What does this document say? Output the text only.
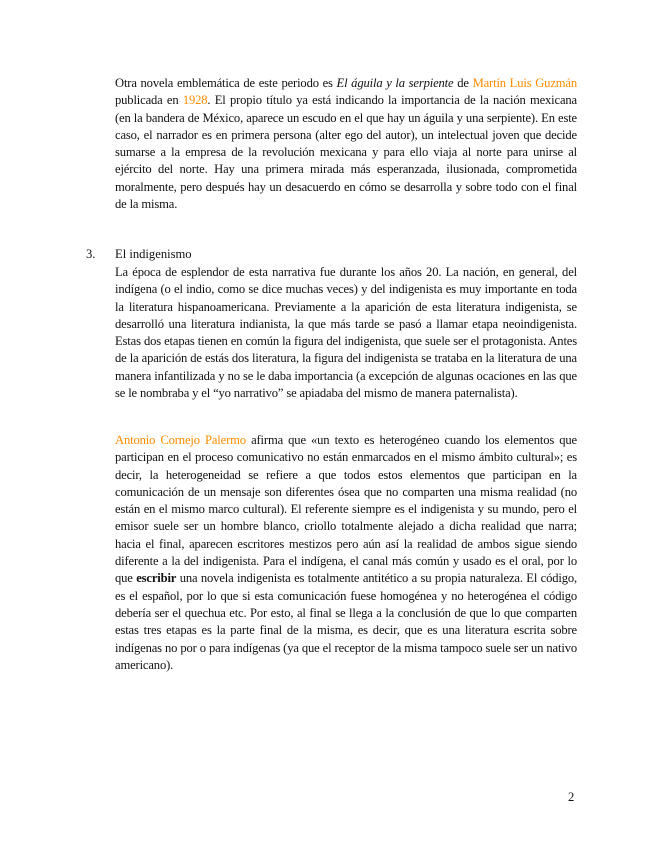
Otra novela emblemática de este periodo es El águila y la serpiente de Martín Luis Guzmán publicada en 1928. El propio título ya está indicando la importancia de la nación mexicana (en la bandera de México, aparece un escudo en el que hay un águila y una serpiente). En este caso, el narrador es en primera persona (alter ego del autor), un intelectual joven que decide sumarse a la empresa de la revolución mexicana y para ello viaja al norte para unirse al ejército del norte. Hay una primera mirada más esperanzada, ilusionada, comprometida moralmente, pero después hay un desacuerdo en cómo se desarrolla y sobre todo con el final de la misma.

3. El indigenismo

La época de esplendor de esta narrativa fue durante los años 20. La nación, en general, del indígena (o el indio, como se dice muchas veces) y del indigenista es muy importante en toda la literatura hispanoamericana. Previamente a la aparición de esta literatura indigenista, se desarrolló una literatura indianista, la que más tarde se pasó a llamar etapa neoindigenista. Estas dos etapas tienen en común la figura del indigenista, que suele ser el protagonista. Antes de la aparición de estás dos literatura, la figura del indigenista se trataba en la literatura de una manera infantilizada y no se le daba importancia (a excepción de algunas ocaciones en las que se le nombraba y el “yo narrativo” se apiadaba del mismo de manera paternalista).

Antonio Cornejo Palermo afirma que «un texto es heterogéneo cuando los elementos que participan en el proceso comunicativo no están enmarcados en el mismo ámbito cultural»; es decir, la heterogeneidad se refiere a que todos estos elementos que participan en la comunicación de un mensaje son diferentes ósea que no comparten una misma realidad (no están en el mismo marco cultural). El referente siempre es el indigenista y su mundo, pero el emisor suele ser un hombre blanco, criollo totalmente alejado a dicha realidad que narra; hacia el final, aparecen escritores mestizos pero aún así la realidad de ambos sigue siendo diferente a la del indigenista. Para el indígena, el canal más común y usado es el oral, por lo que escribir una novela indigenista es totalmente antitético a su propia naturaleza. El código, es el español, por lo que si esta comunicación fuese homogénea y no heterogénea el código debería ser el quechua etc. Por esto, al final se llega a la conclusión de que lo que comparten estas tres etapas es la parte final de la misma, es decir, que es una literatura escrita sobre indígenas no por o para indígenas (ya que el receptor de la misma tampoco suele ser un nativo americano).

2
